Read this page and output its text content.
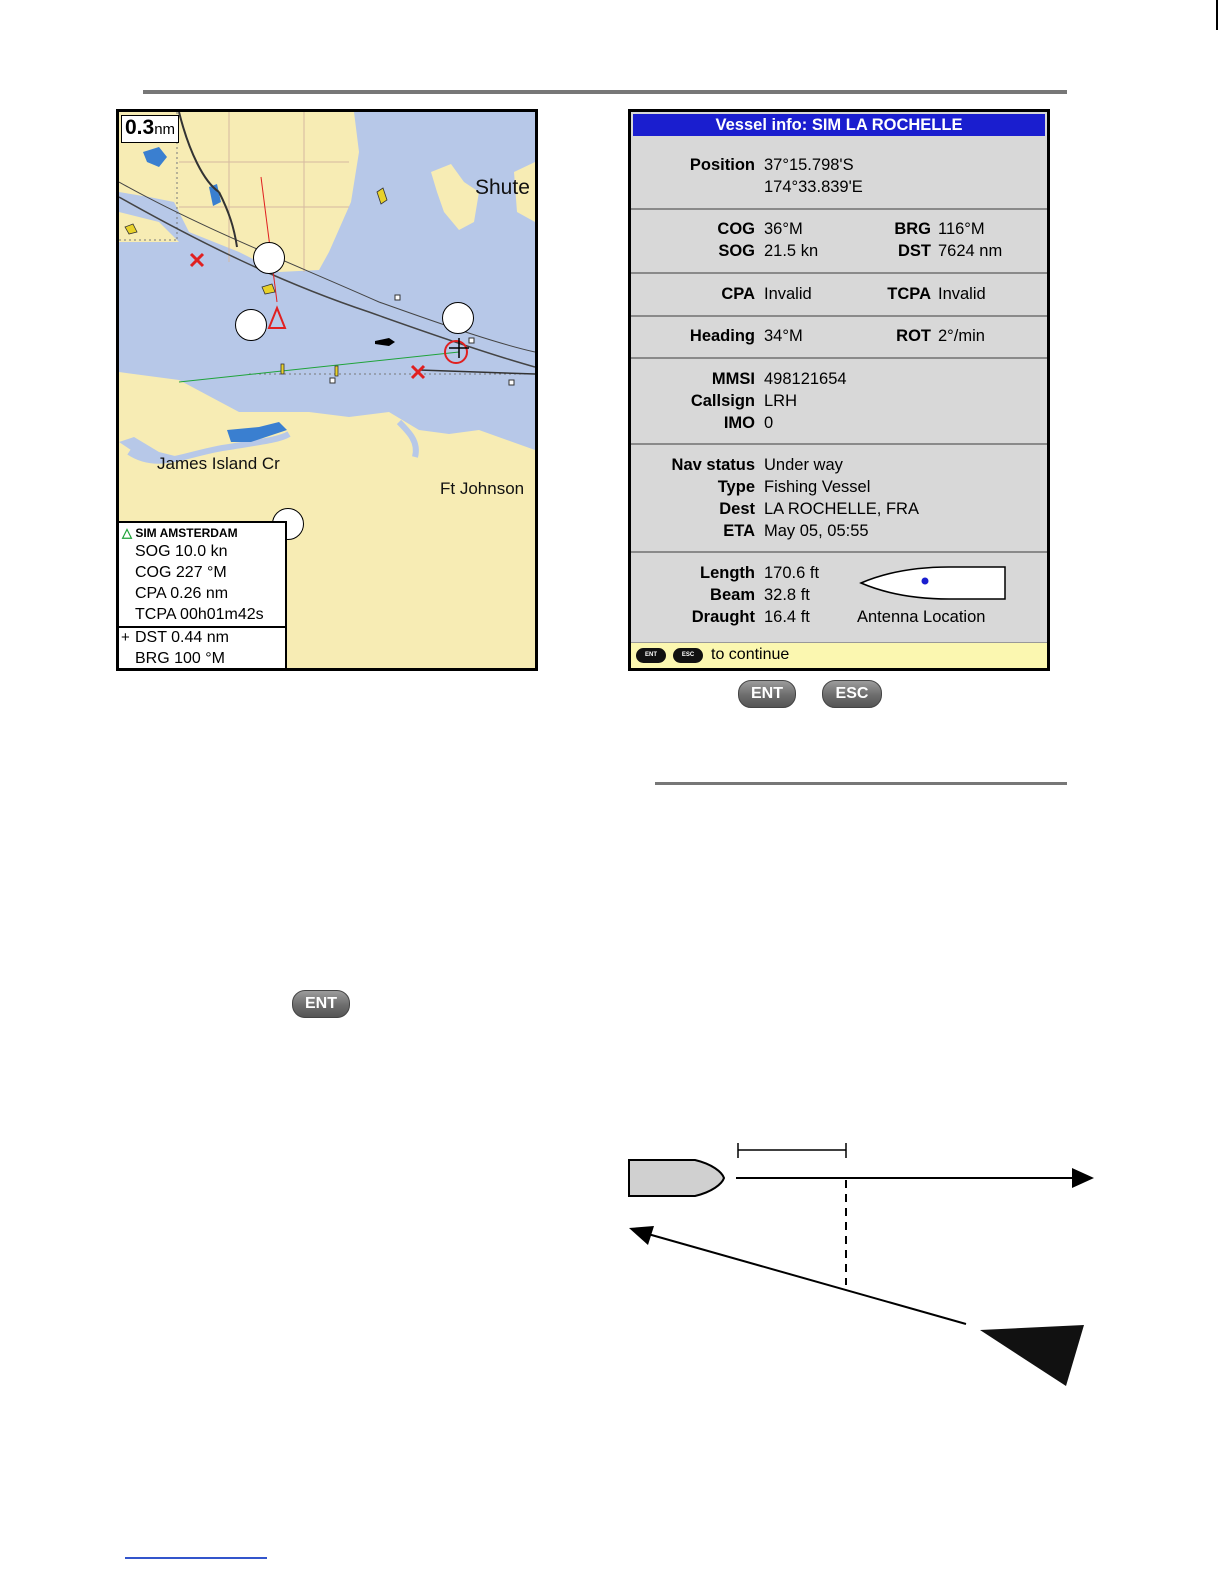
0.3nm
Shute
James Island Cr
Ft Johnson
△ SIM AMSTERDAM
SOG 10.0 kn
COG 227 °M
CPA 0.26 nm
TCPA 00h01m42s
+ DST 0.44 nm
BRG 100 °M
Vessel info: SIM LA ROCHELLE
Position 37°15.798'S
174°33.839'E
COG 36°M	BRG 116°M
SOG 21.5 kn	DST 7624 nm
CPA Invalid	TCPA Invalid
Heading 34°M	ROT 2°/min
MMSI 498121654
Callsign LRH
IMO 0
Nav status Under way
Type Fishing Vessel
Dest LA ROCHELLE, FRA
ETA May 05, 05:55
Length 170.6 ft
Beam 32.8 ft
Draught 16.4 ft	Antenna Location
ENT	ESC	to continue
ENT	ESC
ENT
